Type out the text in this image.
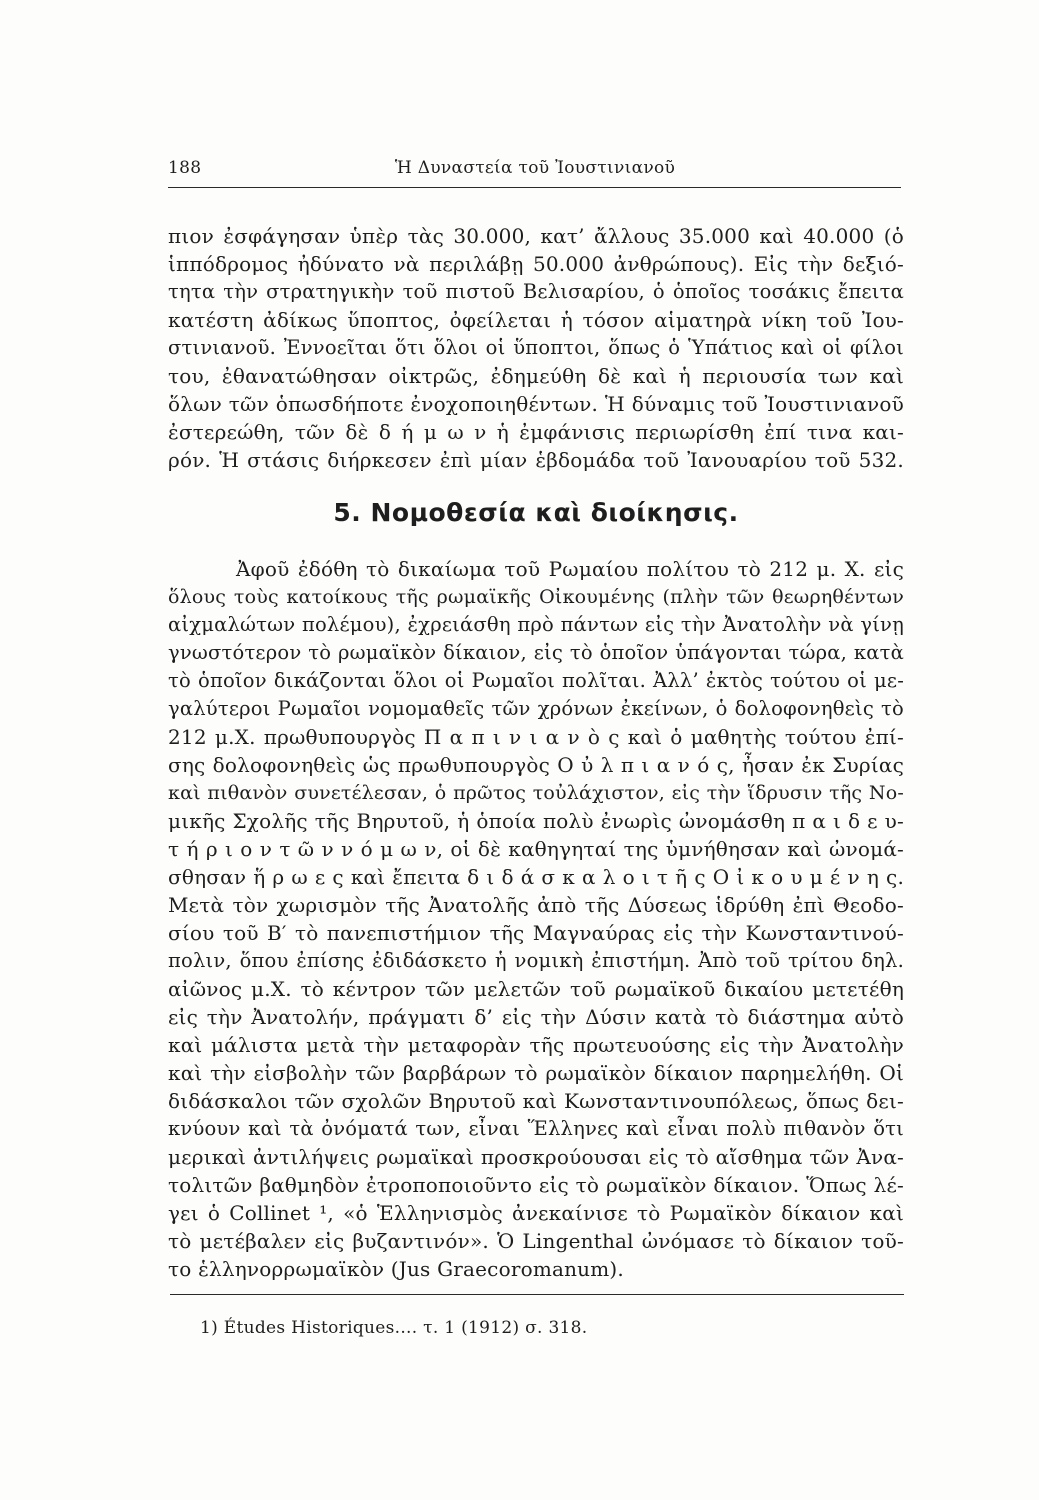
188	Ἡ Δυναστεία τοῦ Ἰουστινιανοῦ
πιον ἐσφάγησαν ὑπὲρ τὰς 30.000, κατ’ ἄλλους 35.000 καὶ 40.000 (ὁ
ἱππόδρομος ἠδύνατο νὰ περιλάβῃ 50.000 ἀνθρώπους). Εἰς τὴν δεξιό-
τητα τὴν στρατηγικὴν τοῦ πιστοῦ Βελισαρίου, ὁ ὁποῖος τοσάκις ἔπειτα
κατέστη ἀδίκως ὕποπτος, ὀφείλεται ἡ τόσον αἱματηρὰ νίκη τοῦ Ἰου-
στινιανοῦ. Ἐννοεῖται ὅτι ὅλοι οἱ ὕποπτοι, ὅπως ὁ Ὑπάτιος καὶ οἱ φίλοι
του, ἐθανατώθησαν οἰκτρῶς, ἐδημεύθη δὲ καὶ ἡ περιουσία των καὶ
ὅλων τῶν ὁπωσδήποτε ἐνοχοποιηθέντων. Ἡ δύναμις τοῦ Ἰουστινιανοῦ
ἐστερεώθη, τῶν δὲ δ ή μ ω ν ἡ ἐμφάνισις περιωρίσθη ἐπί τινα και-
ρόν. Ἡ στάσις διήρκεσεν ἐπὶ μίαν ἑβδομάδα τοῦ Ἰανουαρίου τοῦ 532.
5. Νομοθεσία καὶ διοίκησις.
Ἀφοῦ ἐδόθη τὸ δικαίωμα τοῦ Ρωμαίου πολίτου τὸ 212 μ. Χ. εἰς
ὅλους τοὺς κατοίκους τῆς ρωμαϊκῆς Οἰκουμένης (πλὴν τῶν θεωρηθέντων
αἰχμαλώτων πολέμου), ἐχρειάσθη πρὸ πάντων εἰς τὴν Ἀνατολὴν νὰ γίνῃ
γνωστότερον τὸ ρωμαϊκὸν δίκαιον, εἰς τὸ ὁποῖον ὑπάγονται τώρα, κατὰ
τὸ ὁποῖον δικάζονται ὅλοι οἱ Ρωμαῖοι πολῖται. Ἀλλ’ ἐκτὸς τούτου οἱ με-
γαλύτεροι Ρωμαῖοι νομομαθεῖς τῶν χρόνων ἐκείνων, ὁ δολοφονηθεὶς τὸ
212 μ.Χ. πρωθυπουργὸς Π α π ι ν ι α ν ὸ ς καὶ ὁ μαθητὴς τούτου ἐπί-
σης δολοφονηθεὶς ὡς πρωθυπουργὸς Ο ὐ λ π ι α ν ό ς, ἦσαν ἐκ Συρίας
καὶ πιθανὸν συνετέλεσαν, ὁ πρῶτος τοὐλάχιστον, εἰς τὴν ἵδρυσιν τῆς Νο-
μικῆς Σχολῆς τῆς Βηρυτοῦ, ἡ ὁποία πολὺ ἐνωρὶς ὠνομάσθη π α ι δ ε υ-
τ ή ρ ι ο ν τ ῶ ν ν ό μ ω ν, οἱ δὲ καθηγηταί της ὑμνήθησαν καὶ ὠνομά-
σθησαν ἥ ρ ω ε ς καὶ ἔπειτα δ ι δ ά σ κ α λ ο ι τ ῆ ς Ο ἰ κ ο υ μ έ ν η ς.
Μετὰ τὸν χωρισμὸν τῆς Ἀνατολῆς ἀπὸ τῆς Δύσεως ἱδρύθη ἐπὶ Θεοδο-
σίου τοῦ Β′ τὸ πανεπιστήμιον τῆς Μαγναύρας εἰς τὴν Κωνσταντινού-
πολιν, ὅπου ἐπίσης ἐδιδάσκετο ἡ νομικὴ ἐπιστήμη. Ἀπὸ τοῦ τρίτου δηλ.
αἰῶνος μ.Χ. τὸ κέντρον τῶν μελετῶν τοῦ ρωμαϊκοῦ δικαίου μετετέθη
εἰς τὴν Ἀνατολήν, πράγματι δ’ εἰς τὴν Δύσιν κατὰ τὸ διάστημα αὐτὸ
καὶ μάλιστα μετὰ τὴν μεταφορὰν τῆς πρωτευούσης εἰς τὴν Ἀνατολὴν
καὶ τὴν εἰσβολὴν τῶν βαρβάρων τὸ ρωμαϊκὸν δίκαιον παρημελήθη. Οἱ
διδάσκαλοι τῶν σχολῶν Βηρυτοῦ καὶ Κωνσταντινουπόλεως, ὅπως δει-
κνύουν καὶ τὰ ὀνόματά των, εἶναι Ἕλληνες καὶ εἶναι πολὺ πιθανὸν ὅτι
μερικαὶ ἀντιλήψεις ρωμαϊκαὶ προσκρούουσαι εἰς τὸ αἴσθημα τῶν Ἀνα-
τολιτῶν βαθμηδὸν ἐτροποποιοῦντο εἰς τὸ ρωμαϊκὸν δίκαιον. Ὅπως λέ-
γει ὁ Collinet ¹, «ὁ Ἑλληνισμὸς ἀνεκαίνισε τὸ Ρωμαϊκὸν δίκαιον καὶ
τὸ μετέβαλεν εἰς βυζαντινόν». Ὁ Lingenthal ὠνόμασε τὸ δίκαιον τοῦ-
το ἑλληνορρωμαϊκὸν (Jus Graecoromanum).
1) Études Historiques.... τ. 1 (1912) σ. 318.
